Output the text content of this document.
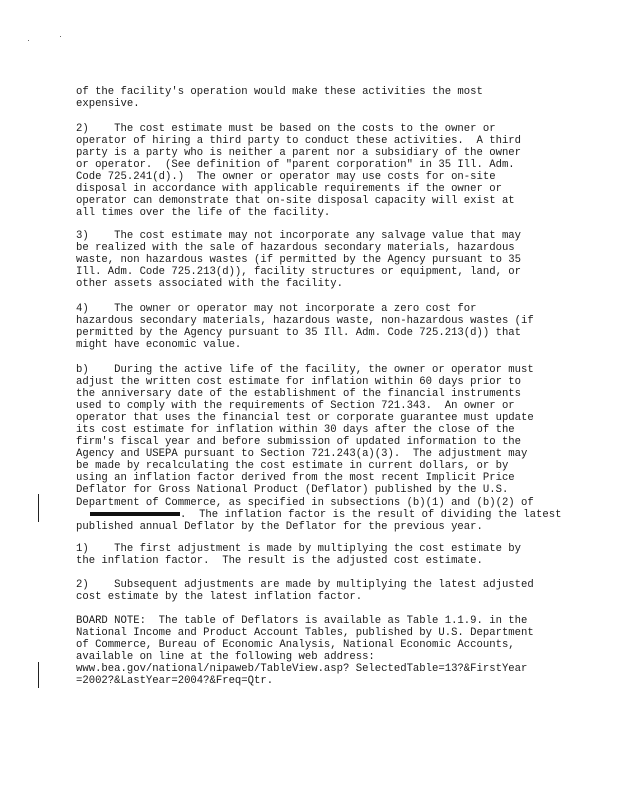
of the facility's operation would make these activities the most
expensive.
2)    The cost estimate must be based on the costs to the owner or
operator of hiring a third party to conduct these activities.  A third
party is a party who is neither a parent nor a subsidiary of the owner
or operator.  (See definition of "parent corporation" in 35 Ill. Adm.
Code 725.241(d).)  The owner or operator may use costs for on-site
disposal in accordance with applicable requirements if the owner or
operator can demonstrate that on-site disposal capacity will exist at
all times over the life of the facility.
3)    The cost estimate may not incorporate any salvage value that may
be realized with the sale of hazardous secondary materials, hazardous
waste, non hazardous wastes (if permitted by the Agency pursuant to 35
Ill. Adm. Code 725.213(d)), facility structures or equipment, land, or
other assets associated with the facility.
4)    The owner or operator may not incorporate a zero cost for
hazardous secondary materials, hazardous waste, non-hazardous wastes (if
permitted by the Agency pursuant to 35 Ill. Adm. Code 725.213(d)) that
might have economic value.
b)    During the active life of the facility, the owner or operator must
adjust the written cost estimate for inflation within 60 days prior to
the anniversary date of the establishment of the financial instruments
used to comply with the requirements of Section 721.343.  An owner or
operator that uses the financial test or corporate guarantee must update
its cost estimate for inflation within 30 days after the close of the
firm's fiscal year and before submission of updated information to the
Agency and USEPA pursuant to Section 721.243(a)(3).  The adjustment may
be made by recalculating the cost estimate in current dollars, or by
using an inflation factor derived from the most recent Implicit Price
Deflator for Gross National Product (Deflator) published by the U.S.
Department of Commerce, as specified in subsections (b)(1) and (b)(2) of
.  The inflation factor is the result of dividing the latest
published annual Deflator by the Deflator for the previous year.
1)    The first adjustment is made by multiplying the cost estimate by
the inflation factor.  The result is the adjusted cost estimate.
2)    Subsequent adjustments are made by multiplying the latest adjusted
cost estimate by the latest inflation factor.
BOARD NOTE:  The table of Deflators is available as Table 1.1.9. in the
National Income and Product Account Tables, published by U.S. Department
of Commerce, Bureau of Economic Analysis, National Economic Accounts,
available on line at the following web address:
www.bea.gov/national/nipaweb/TableView.asp? SelectedTable=13?&FirstYear
=2002?&LastYear=2004?&Freq=Qtr.
